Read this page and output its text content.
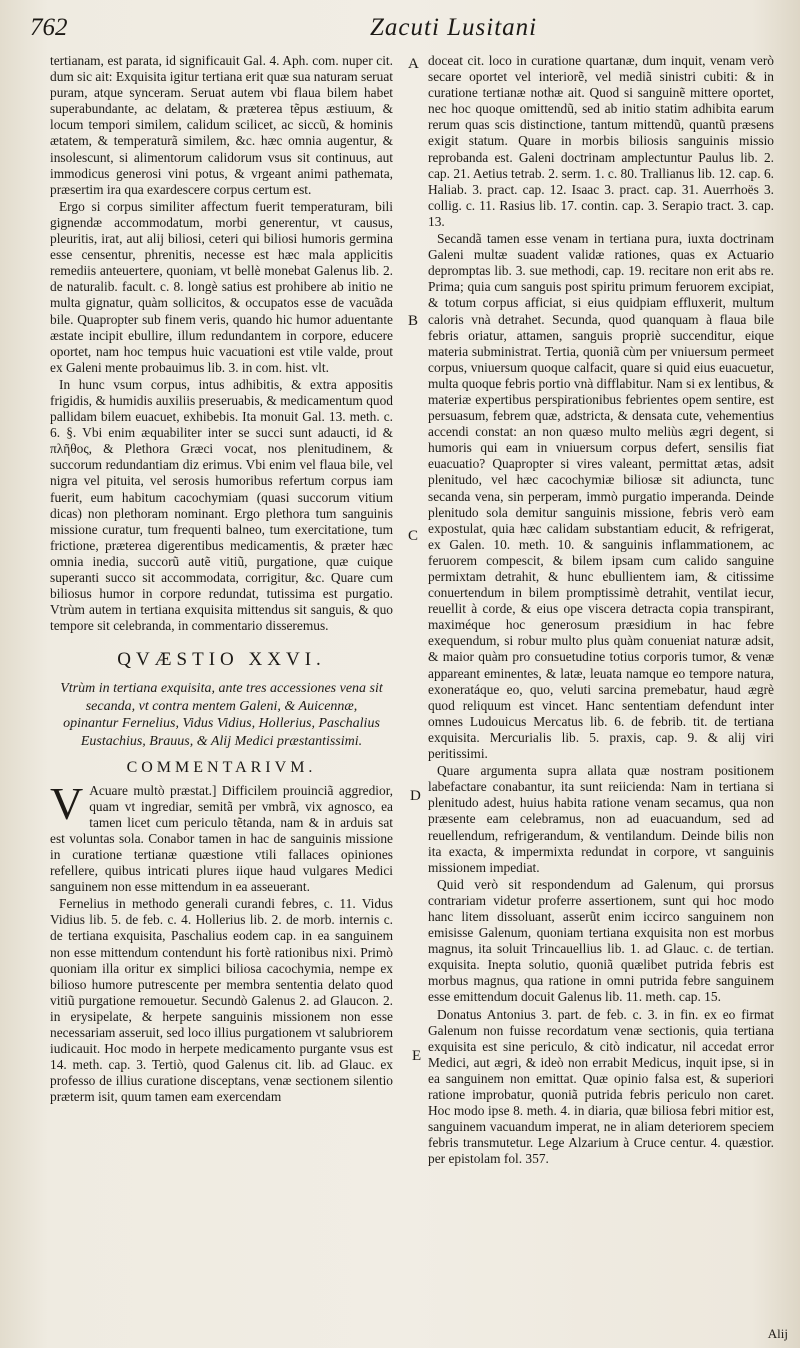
762	Zacuti Lusitani
A
B
C
D
E

tertianam, est parata, id significauit Gal. 4. Aph. com. nuper cit. dum sic ait: Exquisita igitur tertiana erit quæ sua naturam seruat puram, atque synceram. Seruat autem vbi flaua bilem habet superabundante, ac delatam, & præterea tẽpus æstiuum, & locum tempori similem, calidum scilicet, ac siccũ, & hominis ætatem, & temperaturã similem, &c. hæc omnia augentur, & insolescunt, si alimentorum calidorum vsus sit continuus, aut immodicus generosi vini potus, & vrgeant animi pathemata, præsertim ira qua exardescere corpus certum est.

Ergo si corpus similiter affectum fuerit temperaturam, bili gignendæ accommodatum, morbi generentur, vt causus, pleuritis, irat, aut alij biliosi, ceteri qui biliosi humoris germina esse censentur, phrenitis, necesse est hæc mala applicitis remediis anteuertere, quoniam, vt bellè monebat Galenus lib. 2. de naturalib. facult. c. 8. longè satius est prohibere ab initio ne multa gignatur, quàm sollicitos, & occupatos esse de vacuãda bile. Quapropter sub finem veris, quando hic humor aduentante æstate incipit ebullire, illum redundantem in corpore, educere oportet, nam hoc tempus huic vacuationi est vtile valde, prout ex Galeni mente probauimus lib. 3. in com. hist. vlt.

In hunc vsum corpus, intus adhibitis, & extra appositis frigidis, & humidis auxiliis preseruabis, & medicamentum quod pallidam bilem euacuet, exhibebis. Ita monuit Gal. 13. meth. c. 6. §. Vbi enim æquabiliter inter se succi sunt adaucti, id & πλῆθος, & Plethora Græci vocat, nos plenitudinem, & succorum redundantiam diz erimus. Vbi enim vel flaua bile, vel nigra vel pituita, vel serosis humoribus refertum corpus iam fuerit, eum habitum cacochymiam (quasi succorum vitium dicas) non plethoram nominant. Ergo plethora tum sanguinis missione curatur, tum frequenti balneo, tum exercitatione, tum frictione, præterea digerentibus medicamentis, & præter hæc omnia inedia, succorũ autẽ vitiũ, purgatione, quæ cuique superanti succo sit accommodata, corrigitur, &c. Quare cum biliosus humor in corpore redundat, tutissima est purgatio. Vtrùm autem in tertiana exquisita mittendus sit sanguis, & quo tempore sit celebranda, in commentario disseremus.

QVÆSTIO XXVI.
Vtrùm in tertiana exquisita, ante tres accessiones vena sit secanda, vt contra mentem Galeni, & Auicennæ, opinantur Fernelius, Vidus Vidius, Hollerius, Paschalius Eustachius, Brauus, & Alij Medici præstantissimi.
COMMENTARIVM.

V Acuare multò præstat.] Difficilem prouinciã aggredior, quam vt ingrediar, semitã per vmbrã, vix agnosco, ea tamen licet cum periculo tẽtanda, nam & in arduis sat est voluntas sola. Conabor tamen in hac de sanguinis missione in curatione tertianæ quæstione vtili fallaces opiniones refellere, quibus intricati plures iique haud vulgares Medici sanguinem non esse mittendum in ea asseuerant.

Fernelius in methodo generali curandi febres, c. 11. Vidus Vidius lib. 5. de feb. c. 4. Hollerius lib. 2. de morb. internis c. de tertiana exquisita, Paschalius eodem cap. in ea sanguinem non esse mittendum contendunt his fortè rationibus nixi. Primò quoniam illa oritur ex simplici biliosa cacochymia, nempe ex bilioso humore putrescente per membra sententia delato quod vitiũ purgatione remouetur. Secundò Galenus 2. ad Glaucon. 2. in erysipelate, & herpete sanguinis missionem non esse necessariam asseruit, sed loco illius purgationem vt salubriorem iudicauit. Hoc modo in herpete medicamento purgante vsus est 14. meth. cap. 3. Tertiò, quod Galenus cit. lib. ad Glauc. ex professo de illius curatione disceptans, venæ sectionem silentio præterm isit, quum tamen eam exercendam

doceat cit. loco in curatione quartanæ, dum inquit, venam verò secare oportet vel interiorẽ, vel mediã sinistri cubiti: & in curatione tertianæ nothæ ait. Quod si sanguinẽ mittere oportet, nec hoc quoque omittendũ, sed ab initio statim adhibita earum rerum quas scis distinctione, tantum mittendũ, quantũ præsens exigit statum. Quare in morbis biliosis sanguinis missio reprobanda est. Galeni doctrinam amplectuntur Paulus lib. 2. cap. 21. Aetius tetrab. 2. serm. 1. c. 80. Trallianus lib. 12. cap. 6. Haliab. 3. pract. cap. 12. Isaac 3. pract. cap. 31. Auerrhoës 3. collig. c. 11. Rasius lib. 17. contin. cap. 3. Serapio tract. 3. cap. 13.

Secandã tamen esse venam in tertiana pura, iuxta doctrinam Galeni multæ suadent validæ rationes, quas ex Actuario depromptas lib. 3. sue methodi, cap. 19. recitare non erit abs re. Prima; quia cum sanguis post spiritu primum feruorem excipiat, & totum corpus afficiat, si eius quidpiam effluxerit, multum caloris vnà detrahet. Secunda, quod quanquam à flaua bile febris oriatur, attamen, sanguis propriè succenditur, eique materia subministrat. Tertia, quoniã cùm per vniuersum permeet corpus, vniuersum quoque calfacit, quare si quid eius euacuetur, multa quoque febris portio vnà difflabitur. Nam si ex lentibus, & materiæ expertibus perspirationibus febrientes opem sentire, est persuasum, febrem quæ, adstricta, & densata cute, vehementius accendi constat: an non quæso multo meliùs ægri degent, si humoris qui eam in vniuersum corpus defert, sensilis fiat euacuatio? Quapropter si vires valeant, permittat ætas, adsit plenitudo, vel hæc cacochymiæ biliosæ sit adiuncta, tunc secanda vena, sin perperam, immò purgatio imperanda. Deinde plenitudo sola demitur sanguinis missione, febris verò eam expostulat, quia hæc calidam substantiam educit, & refrigerat, ex Galen. 10. meth. 10. & sanguinis inflammationem, ac feruorem compescit, & bilem ipsam cum calido sanguine permixtam detrahit, & hunc ebullientem iam, & citissime conuertendum in bilem promptissimè detrahit, ventilat iecur, reuellit à corde, & eius ope viscera detracta copia transpirant, maximéque hoc generosum præsidium in hac febre exequendum, si robur multo plus quàm conueniat naturæ adsit, & maior quàm pro consuetudine totius corporis tumor, & venæ appareant eminentes, & latæ, leuata namque eo tempore natura, exoneratáque eo, quo, veluti sarcina premebatur, haud ægrè quod reliquum est vincet. Hanc sententiam defendunt inter omnes Ludouicus Mercatus lib. 6. de febrib. tit. de tertiana exquisita. Mercurialis lib. 5. praxis, cap. 9. & alij viri peritissimi.

Quare argumenta supra allata quæ nostram positionem labefactare conabantur, ita sunt reiicienda: Nam in tertiana si plenitudo adest, huius habita ratione venam secamus, qua non præsente eam celebramus, non ad euacuandum, sed ad reuellendum, refrigerandum, & ventilandum. Deinde bilis non ita exacta, & impermixta redundat in corpore, vt sanguinis missionem impediat.

Quid verò sit respondendum ad Galenum, qui prorsus contrariam videtur proferre assertionem, sunt qui hoc modo hanc litem dissoluant, asserũt enim iccirco sanguinem non emisisse Galenum, quoniam tertiana exquisita non est morbus magnus, ita soluit Trincauellius lib. 1. ad Glauc. c. de tertian. exquisita. Inepta solutio, quoniã quælibet putrida febris est morbus magnus, qua ratione in omni putrida febre sanguinem esse emittendum docuit Galenus lib. 11. meth. cap. 15.

Donatus Antonius 3. part. de feb. c. 3. in fin. ex eo firmat Galenum non fuisse recordatum venæ sectionis, quia tertiana exquisita est sine periculo, & citò indicatur, nil accedat error Medici, aut ægri, & ideò non errabit Medicus, inquit ipse, si in ea sanguinem non emittat. Quæ opinio falsa est, & superiori ratione improbatur, quoniã putrida febris periculo non caret. Hoc modo ipse 8. meth. 4. in diaria, quæ biliosa febri mitior est, sanguinem vacuandum imperat, ne in aliam deteriorem speciem febris transmutetur. Lege Alzarium à Cruce centur. 4. quæstior. per epistolam fol. 357.

Alij
